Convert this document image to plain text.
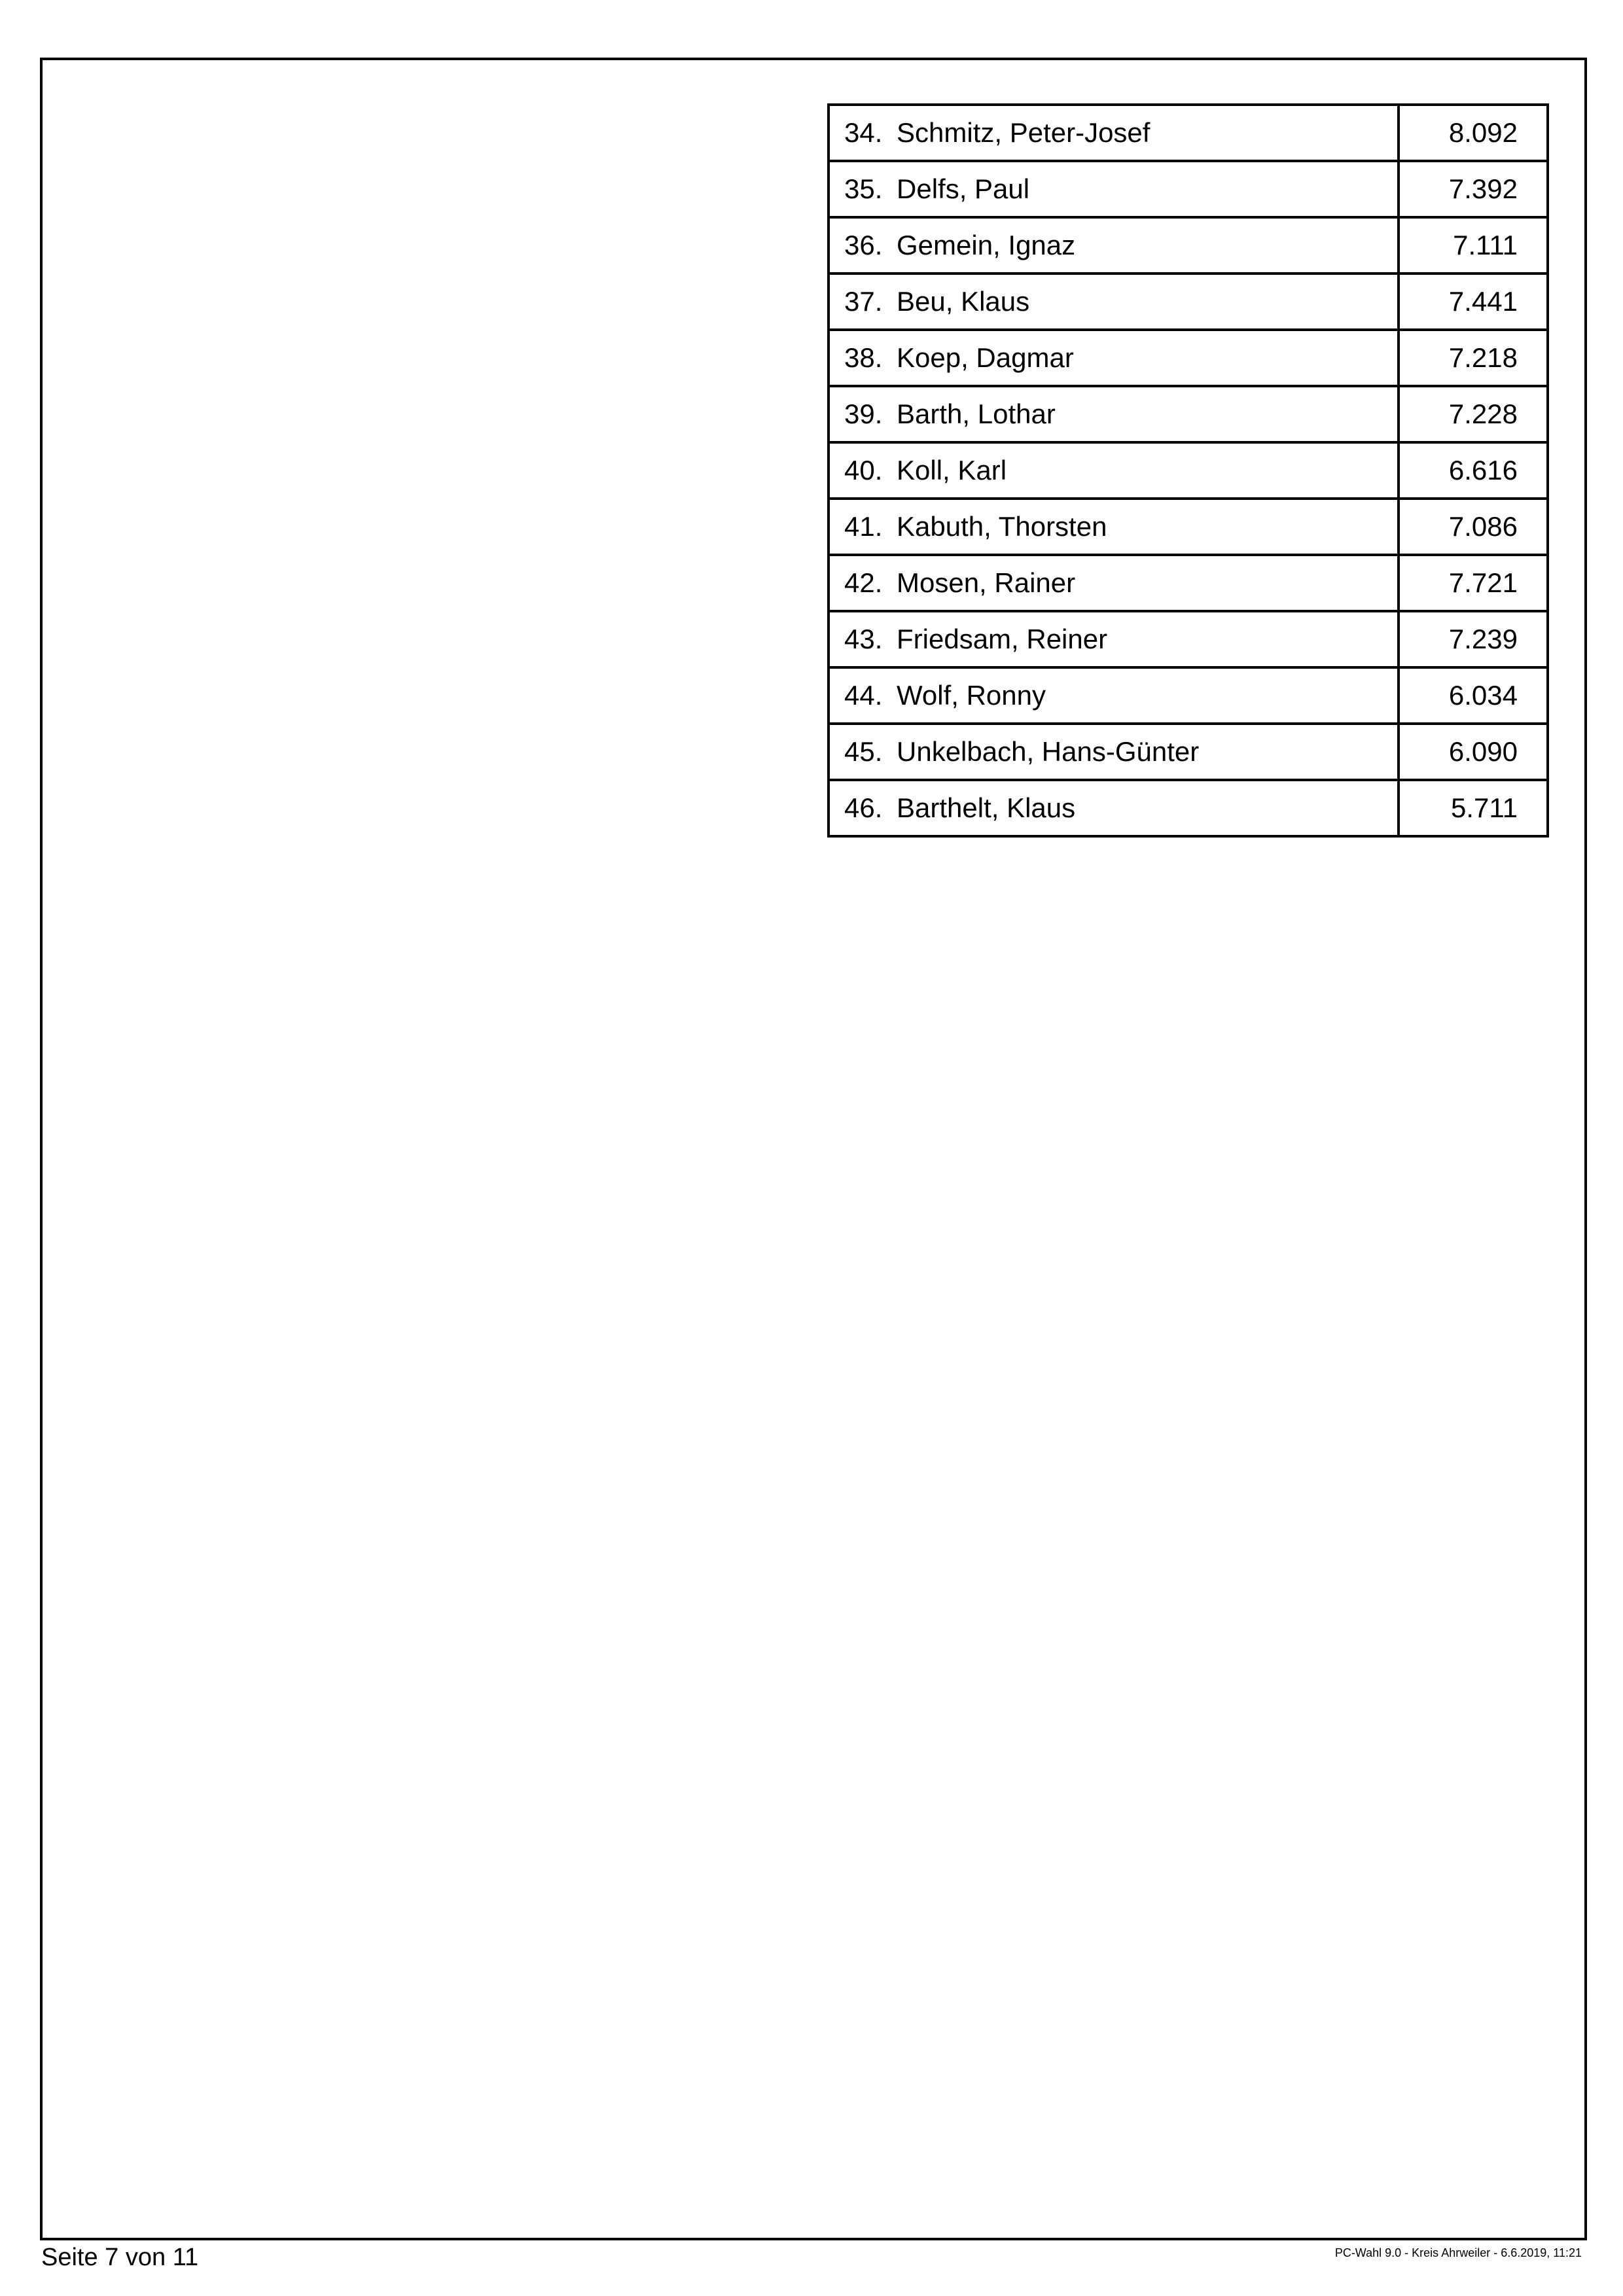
34. Schmitz, Peter-Josef	8.092
35. Delfs, Paul	7.392
36. Gemein, Ignaz	7.111
37. Beu, Klaus	7.441
38. Koep, Dagmar	7.218
39. Barth, Lothar	7.228
40. Koll, Karl	6.616
41. Kabuth, Thorsten	7.086
42. Mosen, Rainer	7.721
43. Friedsam, Reiner	7.239
44. Wolf, Ronny	6.034
45. Unkelbach, Hans-Günter	6.090
46. Barthelt, Klaus	5.711
Seite 7 von 11	PC-Wahl 9.0 - Kreis Ahrweiler - 6.6.2019, 11:21
